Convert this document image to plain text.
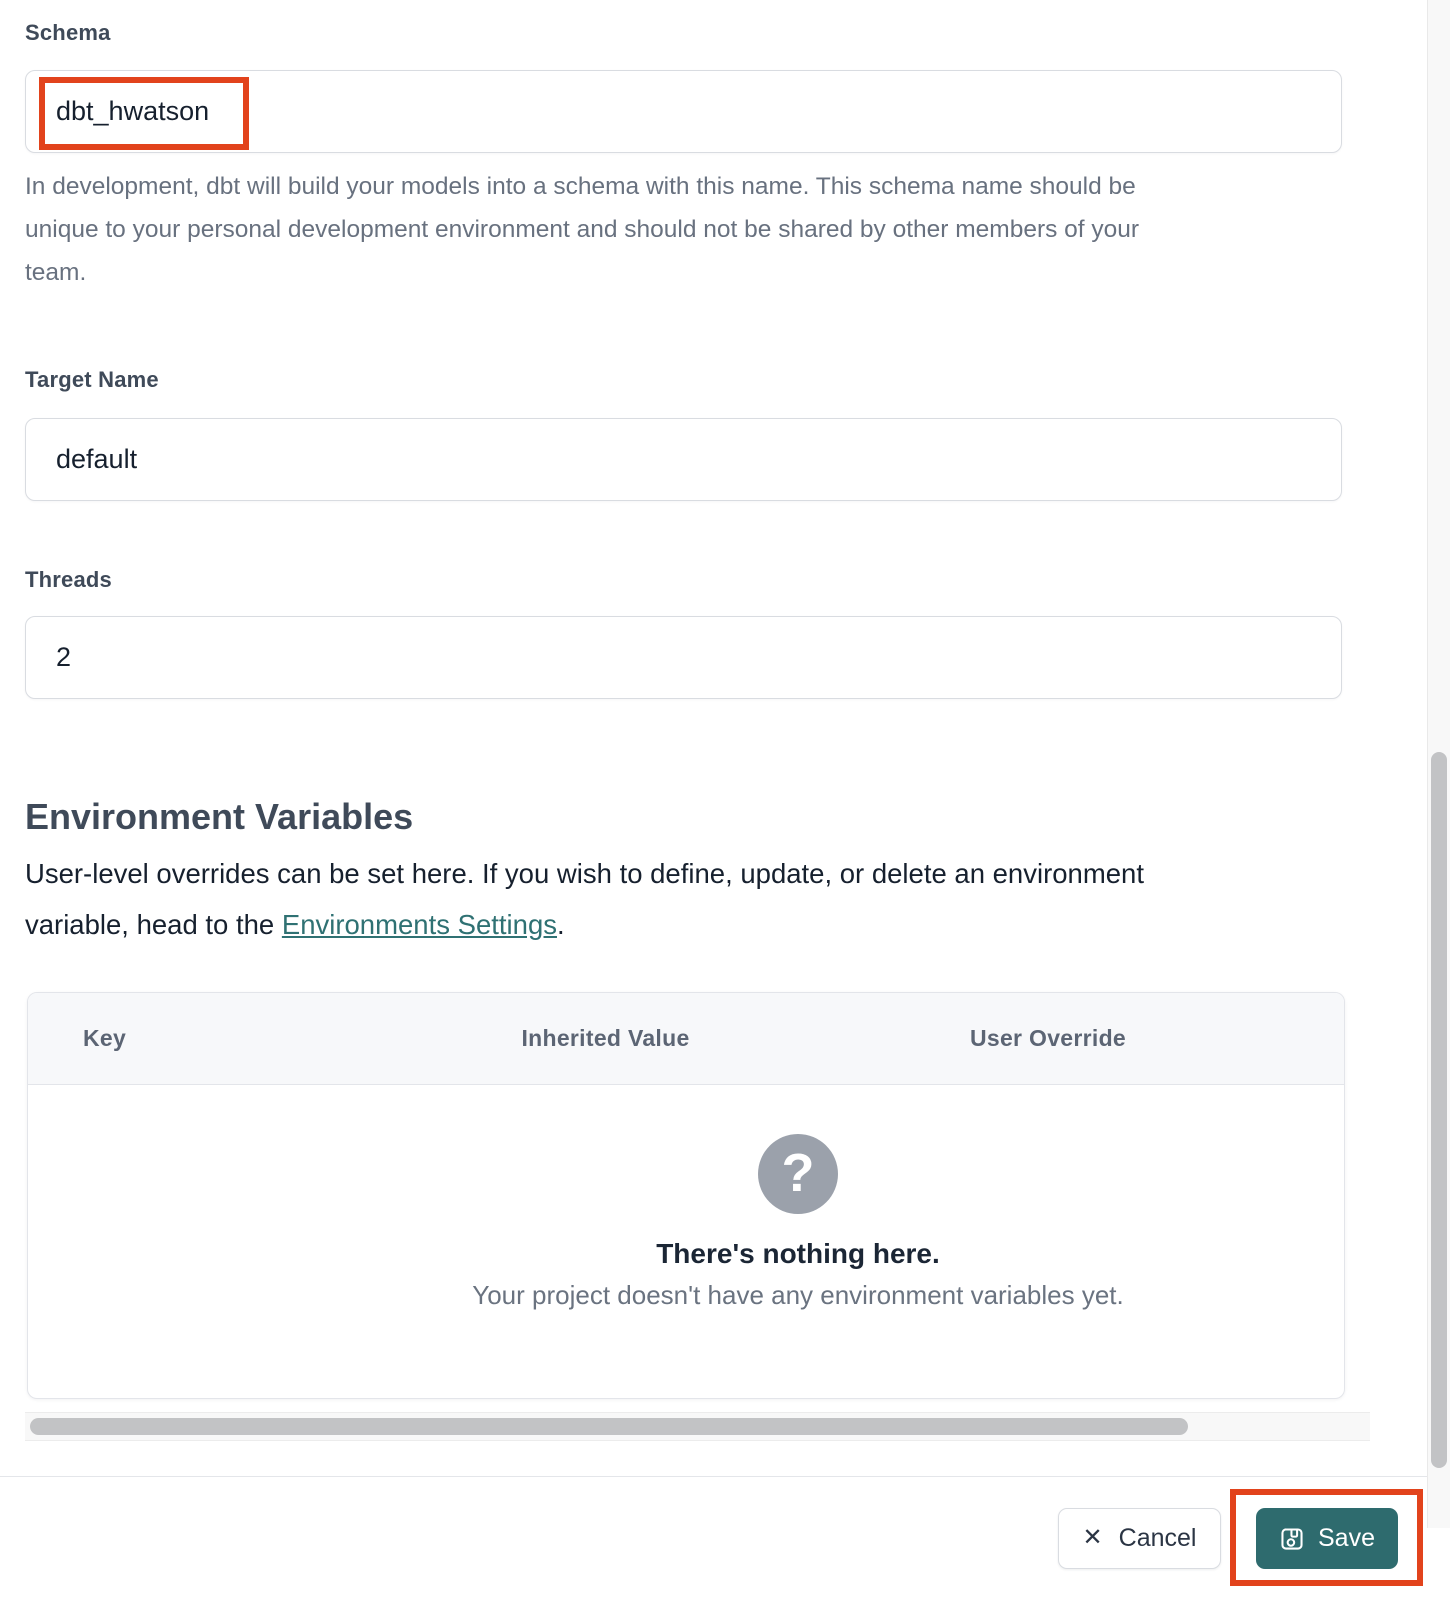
Schema
dbt_hwatson
In development, dbt will build your models into a schema with this name. This schema name should be
unique to your personal development environment and should not be shared by other members of your
team.
Target Name
default
Threads
2
Environment Variables
User-level overrides can be set here. If you wish to define, update, or delete an environment
variable, head to the Environments Settings.
Key	Inherited Value	User Override
?
There's nothing here.
Your project doesn't have any environment variables yet.
✕ Cancel	Save
